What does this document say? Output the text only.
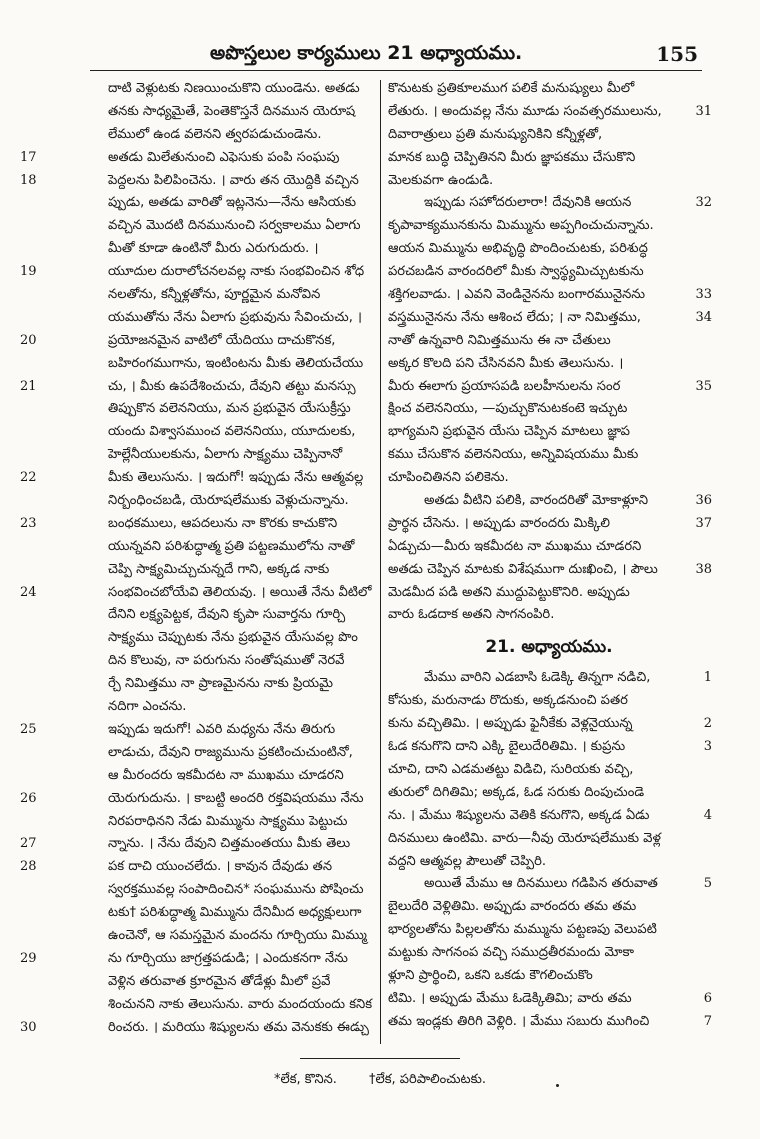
అపొస్తలుల కార్యములు 21 అధ్యాయము.	155
దాటి వెళ్లుటకు నిణయించుకొని యుండెను. అతడు
తనకు సాధ్యమైతే, పెంతెకొస్తనే దినమున యెరూష
లేములో ఉండ వలెనని త్వరపడుచుండెను.
అతడు మిలేతునుంచి ఎఫెసుకు పంపి సంఘపు
17
పెద్దలను పిలిపించెను. । వారు తన యొద్దికి వచ్చిన
18
ప్పుడు, అతడు వారితో ఇట్లనెను—నేను ఆసియకు
వచ్చిన మొదటి దినమునుంచి సర్వకాలము ఏలాగు
మీతో కూడా ఉంటినో మీరు ఎరుగుదురు. ।
యూదుల దురాలోచనలవల్ల నాకు సంభవించిన శోధ
19
నలతోను, కన్నీళ్లతోను, పూర్ణమైన మనోవిన
యముతోను నేను ఏలాగు ప్రభువును సేవించుచు, ।
ప్రయోజనమైన వాటిలో యేదియు దాచుకొనక,
20
బహిరంగముగాను, ఇంటింటను మీకు తెలియచేయు
చు, । మీకు ఉపదేశించుచు, దేవుని తట్టు మనస్సు
21
తిప్పుకొన వలెననియు, మన ప్రభువైన యేసుక్రీస్తు
యందు విశ్వాసముంచ వలెననియు, యూదులకు,
హెల్లేనీయులకును, ఏలాగు సాక్ష్యము చెప్పినానో
మీకు తెలుసును. । ఇదుగో! ఇప్పుడు నేను ఆత్మవల్ల
22
నిర్బంధించబడి, యెరూషలేముకు వెళ్లుచున్నాను.
బంధకములు, ఆపదలును నా కొరకు కాచుకొని
23
యున్నవని పరిశుద్ధాత్మ ప్రతి పట్టణములోను నాతో
చెప్పి సాక్ష్యమిచ్చుచున్నదే గాని, అక్కడ నాకు
సంభవించబోయేవి తెలియవు. । అయితే నేను వీటిలో
24
దేనిని లక్ష్యపెట్టక, దేవుని కృపా సువార్తను గూర్చి
సాక్ష్యము చెప్పుటకు నేను ప్రభువైన యేసువల్ల పొం
దిన కొలువు, నా పరుగును సంతోషముతో నెరవే
ర్చే నిమిత్తము నా ప్రాణమైనను నాకు ప్రియమై
నదిగా ఎంచను.
ఇప్పుడు ఇదుగో! ఎవరి మధ్యను నేను తిరుగు
25
లాడుచు, దేవుని రాజ్యమును ప్రకటించుచుంటినో,
ఆ మీరందరు ఇకమీదట నా ముఖము చూడరని
యెరుగుదును. । కాబట్టి అందరి రక్తవిషయము నేను
26
నిరపరాధినని నేడు మిమ్మును సాక్ష్యము పెట్టుచు
న్నాను. । నేను దేవుని చిత్తమంతయు మీకు తెలు
27
పక దాచి యుంచలేదు. । కావున దేవుడు తన
28
స్వరక్తమువల్ల సంపాదించిన* సంఘమును పోషించు
టకు† పరిశుద్ధాత్మ మిమ్మును దేనిమీద అధ్యక్షులుగా
ఉంచెనో, ఆ సమస్తమైన మందను గూర్చియు మిమ్ము
ను గూర్చియు జాగ్రత్తపడుడి; । ఎందుకనగా నేను
29
వెళ్లిన తరువాత క్రూరమైన తోడేళ్లు మీలో ప్రవే
శించునని నాకు తెలుసును. వారు మందయందు కనిక
రించరు. । మరియు శిష్యులను తమ వెనుకకు ఈడ్చు
30
కొనుటకు ప్రతికూలముగ పలికే మనుష్యులు మీలో
లేతురు. । అందువల్ల నేను మూడు సంవత్సరములును,	31
దివారాత్రులు ప్రతి మనుష్యునికిని కన్నీళ్లతో,
మానక బుద్ధి చెప్పితినని మీరు జ్ఞాపకము చేసుకొని
మెలకువగా ఉండుడి.
ఇప్పుడు సహోదరులారా! దేవునికి ఆయన	32
కృపావాక్యమునకును మిమ్మును అప్పగించుచున్నాను.
ఆయన మిమ్మును అభివృద్ధి పొందించుటకు, పరిశుద్ధ
పరచబడిన వారందరిలో మీకు స్వాస్థ్యమిచ్చుటకును
శక్తిగలవాడు. । ఎవని వెండినైనను బంగారమునైనను	33
వస్త్రమునైనను నేను ఆశించ లేదు; । నా నిమిత్తము,	34
నాతో ఉన్నవారి నిమిత్తమును ఈ నా చేతులు
అక్కర కొలది పని చేసినవని మీకు తెలుసును. ।
మీరు ఈలాగు ప్రయాసపడి బలహీనులను సంర	35
క్షించ వలెననియు, —పుచ్చుకొనుటకంటె ఇచ్చుట
భాగ్యమని ప్రభువైన యేసు చెప్పిన మాటలు జ్ఞాప
కము చేసుకొన వలెననియు, అన్నివిషయము మీకు
చూపించితినని పలికెను.
అతడు వీటిని పలికి, వారందరితో మోకాళ్లూని	36
ప్రార్థన చేసెను. । అప్పుడు వారందరు మిక్కిలి	37
ఏడ్చుచు—మీరు ఇకమీదట నా ముఖము చూడరని
అతడు చెప్పిన మాటకు విశేషముగా దుఃఖించి, । పౌలు	38
మెడమీద పడి అతని ముద్దుపెట్టుకొనిరి. అప్పుడు
వారు ఓడదాక అతని సాగనంపిరి.
21. అధ్యాయము.
మేము వారిని ఎడబాసి ఓడెక్కి తిన్నగా నడిచి,	1
కోసుకు, మరునాడు రొదుకు, అక్కడనుంచి పతర
కును వచ్చితిమి. । అప్పుడు ఫైనీకేకు వెళ్లనైయున్న	2
ఓడ కనుగొని దాని ఎక్కి బైలుదేరితిమి. । కుప్రను	3
చూచి, దాని ఎడమతట్టు విడిచి, సురియకు వచ్చి,
తురులో దిగితిమి; అక్కడ, ఓడ సరుకు దింపుచుండె
ను. । మేము శిష్యులను వెతికి కనుగొని, అక్కడ ఏడు	4
దినములు ఉంటిమి. వారు—నీవు యెరూషలేముకు వెళ్ల
వద్దని ఆత్మవల్ల పౌలుతో చెప్పిరి.
అయితే మేము ఆ దినములు గడిపిన తరువాత	5
బైలుదేరి వెళ్లితిమి. అప్పుడు వారందరు తమ తమ
భార్యలతోను పిల్లలతోను మమ్మును పట్టణపు వెలుపటి
మట్టుకు సాగనంప వచ్చి సముద్రతీరమందు మోకా
ళ్లూని ప్రార్థించి, ఒకని ఒకడు కౌగలించుకొం
టిమి. । అప్పుడు మేము ఓడెక్కితిమి; వారు తమ	6
తమ ఇండ్లకు తిరిగి వెళ్లిరి. । మేము సబురు ముగించి	7
*లేక, కొనిన. †లేక, పరిపాలించుటకు.
